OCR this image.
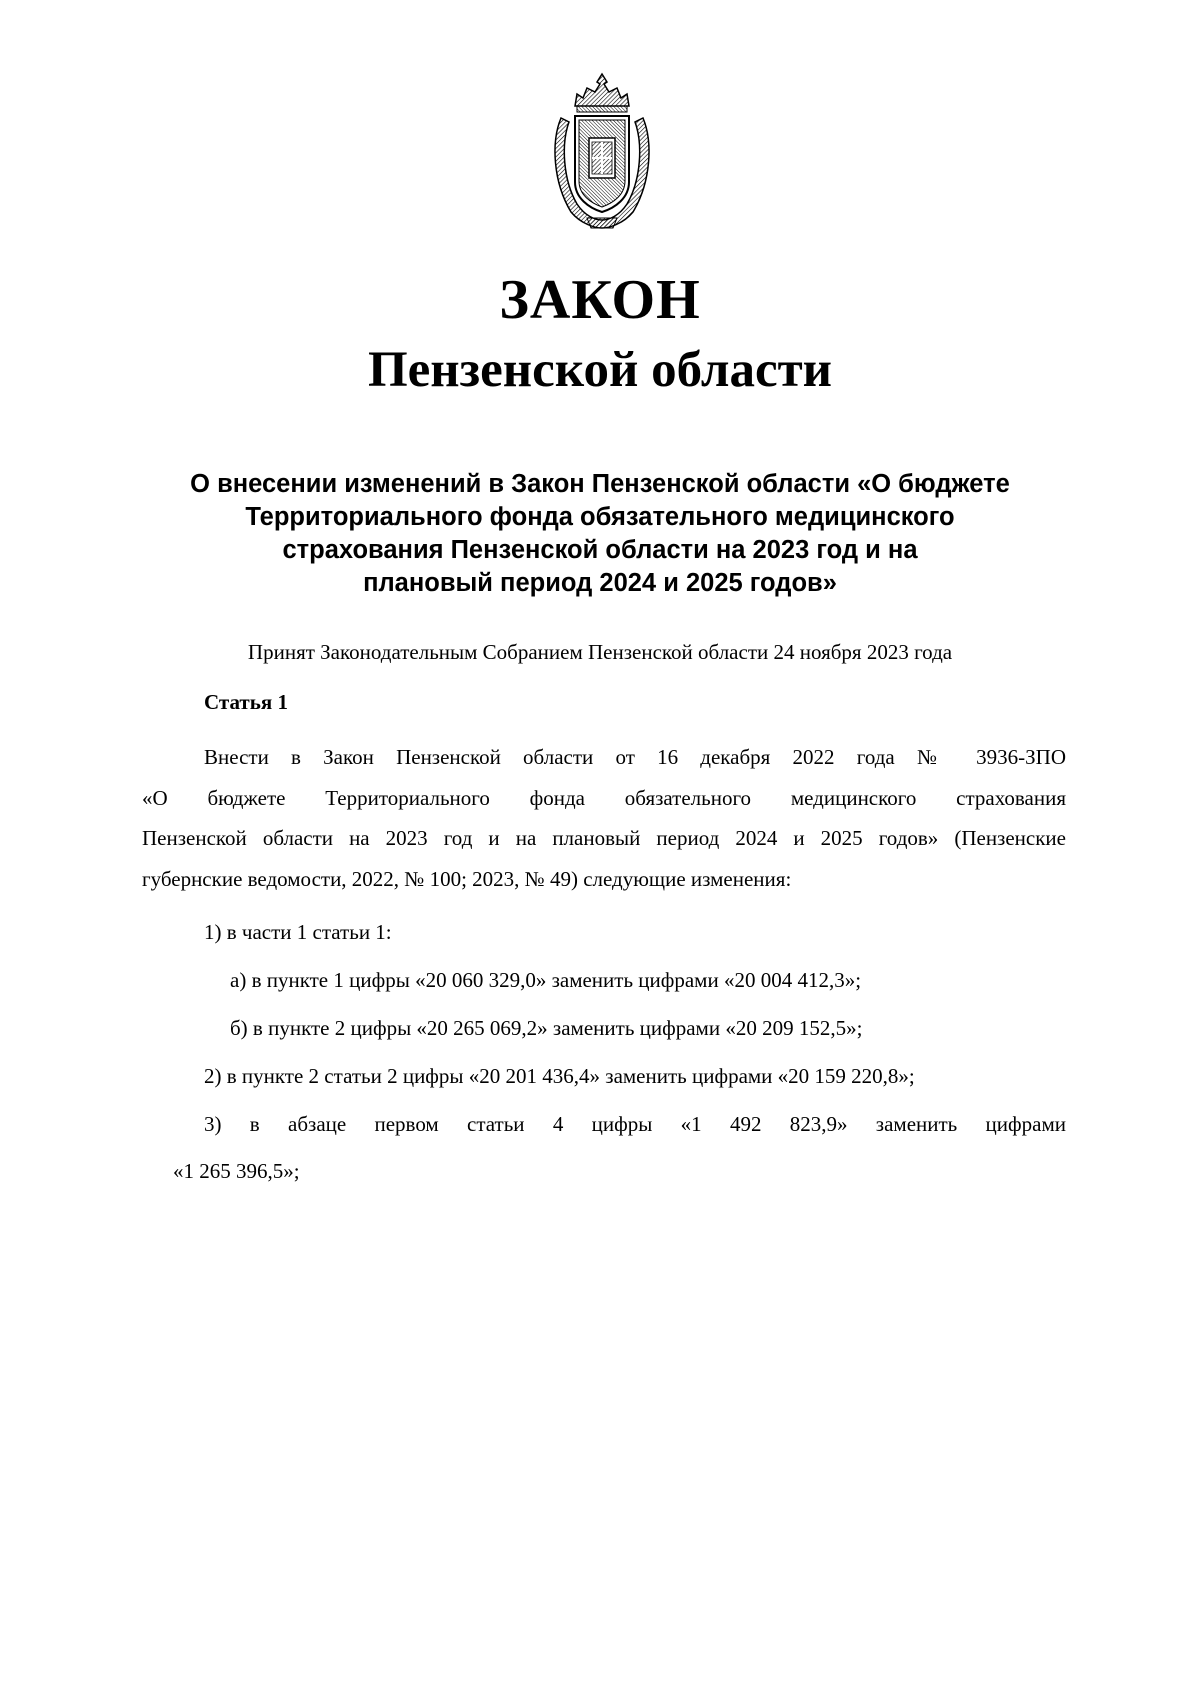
ЗАКОН
Пензенской области
О внесении изменений в Закон Пензенской области «О бюджете
Территориального фонда обязательного медицинского
страхования Пензенской области на 2023 год и на
плановый период 2024 и 2025 годов»
Принят Законодательным Собранием Пензенской области 24 ноября 2023 года
Статья 1
Внести в Закон Пензенской области от 16 декабря 2022 года № 3936-ЗПО
«О бюджете Территориального фонда обязательного медицинского страхования
Пензенской области на 2023 год и на плановый период 2024 и 2025 годов» (Пензенские
губернские ведомости, 2022, № 100; 2023, № 49) следующие изменения:
1) в части 1 статьи 1:
а) в пункте 1 цифры «20 060 329,0» заменить цифрами «20 004 412,3»;
б) в пункте 2 цифры «20 265 069,2» заменить цифрами «20 209 152,5»;
2) в пункте 2 статьи 2 цифры «20 201 436,4» заменить цифрами «20 159 220,8»;
3) в абзаце первом статьи 4 цифры «1 492 823,9» заменить цифрами
«1 265 396,5»;
